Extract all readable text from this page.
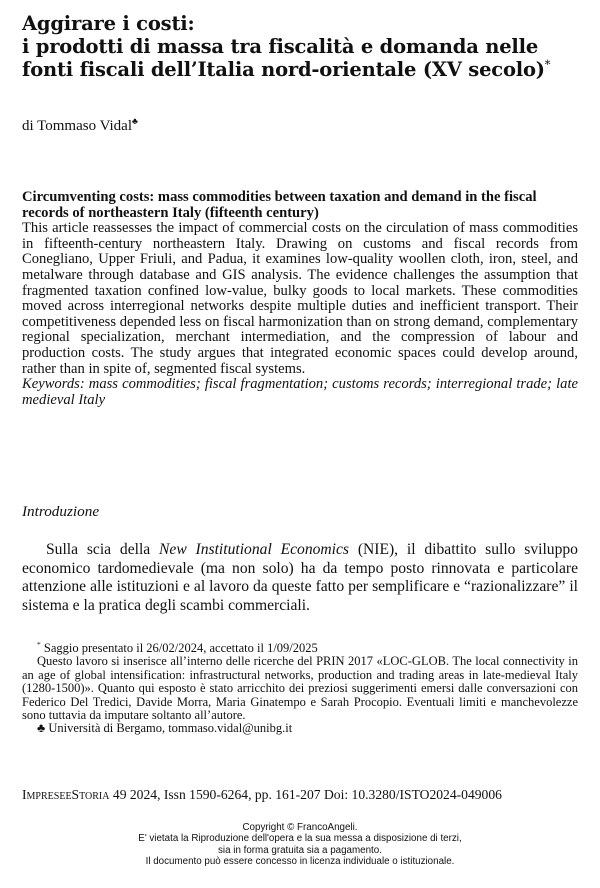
Aggirare i costi:
i prodotti di massa tra fiscalità e domanda nelle
fonti fiscali dell’Italia nord-orientale (XV secolo)*
di Tommaso Vidal♣
Circumventing costs: mass commodities between taxation and demand in the fiscal records of northeastern Italy (fifteenth century)
This article reassesses the impact of commercial costs on the circulation of mass commodities in fifteenth-century northeastern Italy. Drawing on customs and fiscal records from Conegliano, Upper Friuli, and Padua, it examines low-quality woollen cloth, iron, steel, and metalware through database and GIS analysis. The evidence challenges the assumption that fragmented taxation confined low-value, bulky goods to local markets. These commodities moved across interregional networks despite multiple duties and inefficient transport. Their competitiveness depended less on fiscal harmonization than on strong demand, complementary regional specialization, merchant intermediation, and the compression of labour and production costs. The study argues that integrated economic spaces could develop around, rather than in spite of, segmented fiscal systems.
Keywords: mass commodities; fiscal fragmentation; customs records; interregional trade; late medieval Italy
Introduzione
Sulla scia della New Institutional Economics (NIE), il dibattito sullo sviluppo economico tardomedievale (ma non solo) ha da tempo posto rinnovata e particolare attenzione alle istituzioni e al lavoro da queste fatto per semplificare e “razionalizzare” il sistema e la pratica degli scambi commerciali.
* Saggio presentato il 26/02/2024, accettato il 1/09/2025
Questo lavoro si inserisce all’interno delle ricerche del PRIN 2017 «LOC-GLOB. The local connectivity in an age of global intensification: infrastructural networks, production and trading areas in late-medieval Italy (1280-1500)». Quanto qui esposto è stato arricchito dei preziosi suggerimenti emersi dalle conversazioni con Federico Del Tredici, Davide Morra, Maria Ginatempo e Sarah Procopio. Eventuali limiti e manchevolezze sono tuttavia da imputare soltanto all’autore.
♣ Università di Bergamo, tommaso.vidal@unibg.it
ImpreseeStoria 49 2024, Issn 1590-6264, pp. 161-207 Doi: 10.3280/ISTO2024-049006
Copyright © FrancoAngeli.
E' vietata la Riproduzione dell'opera e la sua messa a disposizione di terzi,
sia in forma gratuita sia a pagamento.
Il documento può essere concesso in licenza individuale o istituzionale.
